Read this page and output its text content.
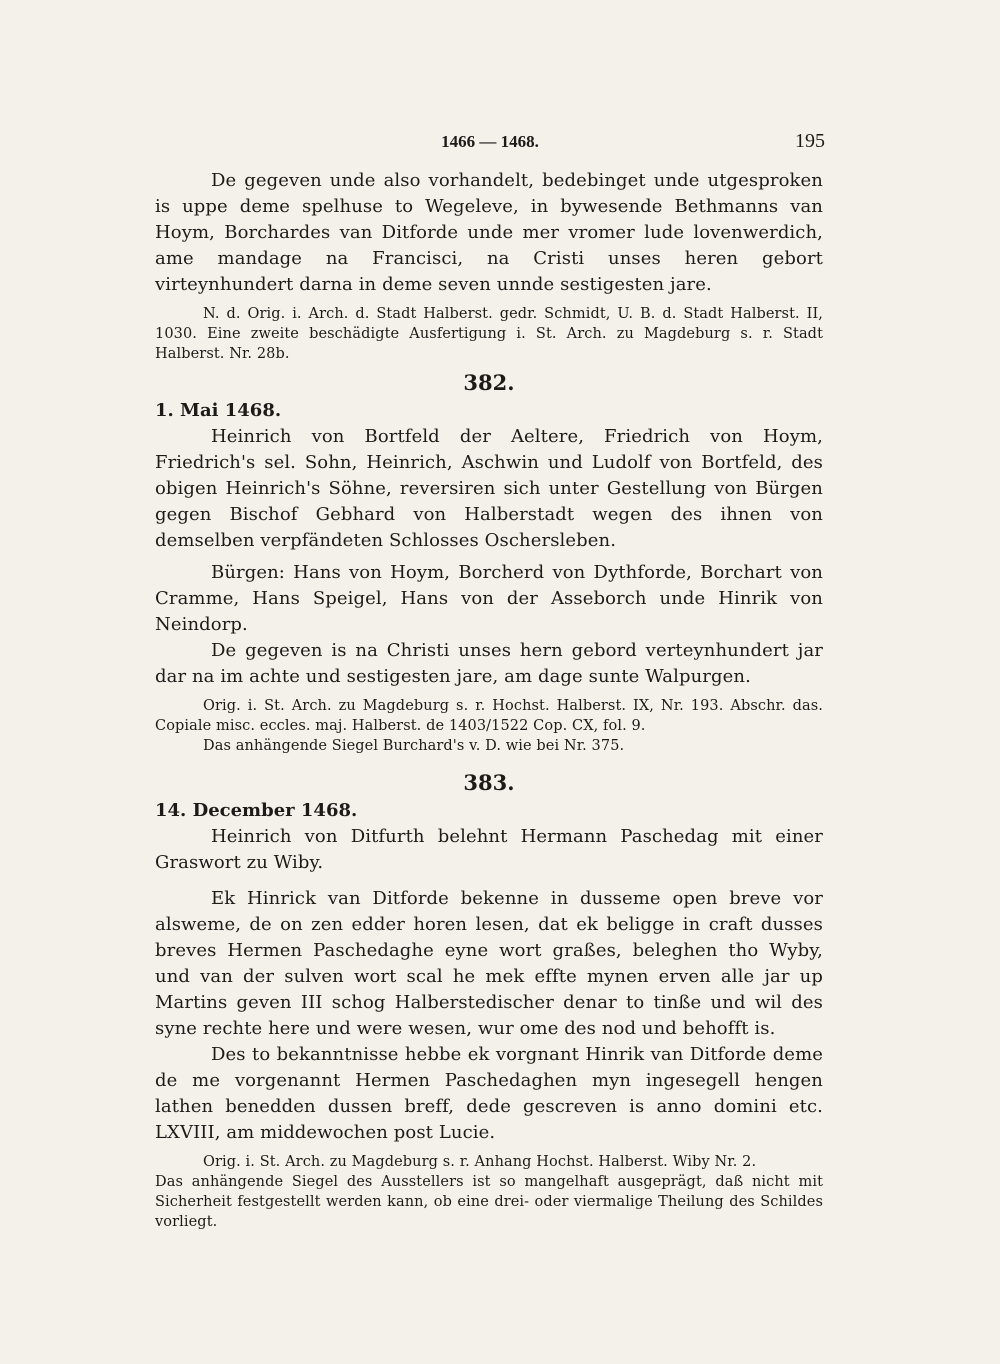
1466 — 1468.	195

De gegeven unde also vorhandelt, bedebinget unde utgesproken is uppe deme spelhuse to Wegeleve, in bywesende Bethmanns van Hoym, Borchardes van Ditforde unde mer vromer lude lovenwerdich, ame mandage na Francisci, na Cristi unses heren gebort virteynhundert darna in deme seven unnde sestigesten jare.

N. d. Orig. i. Arch. d. Stadt Halberst. gedr. Schmidt, U. B. d. Stadt Halberst. II, 1030. Eine zweite beschädigte Ausfertigung i. St. Arch. zu Magdeburg s. r. Stadt Halberst. Nr. 28b.

382.
1. Mai 1468.

Heinrich von Bortfeld der Aeltere, Friedrich von Hoym, Friedrich's sel. Sohn, Heinrich, Aschwin und Ludolf von Bortfeld, des obigen Heinrich's Söhne, reversiren sich unter Gestellung von Bürgen gegen Bischof Gebhard von Halberstadt wegen des ihnen von demselben verpfändeten Schlosses Oschersleben.

Bürgen: Hans von Hoym, Borcherd von Dythforde, Borchart von Cramme, Hans Speigel, Hans von der Asseborch unde Hinrik von Neindorp.

De gegeven is na Christi unses hern gebord verteynhundert jar dar na im achte und sestigesten jare, am dage sunte Walpurgen.

Orig. i. St. Arch. zu Magdeburg s. r. Hochst. Halberst. IX, Nr. 193. Abschr. das. Copiale misc. eccles. maj. Halberst. de 1403/1522 Cop. CX, fol. 9.

Das anhängende Siegel Burchard's v. D. wie bei Nr. 375.

383.
14. December 1468.

Heinrich von Ditfurth belehnt Hermann Paschedag mit einer Graswort zu Wiby.

Ek Hinrick van Ditforde bekenne in dusseme open breve vor alsweme, de on zen edder horen lesen, dat ek beligge in craft dusses breves Hermen Paschedaghe eyne wort graßes, beleghen tho Wyby, und van der sulven wort scal he mek effte mynen erven alle jar up Martins geven III schog Halberstedischer denar to tinßе und wil des syne rechte here und were wesen, wur ome des nod und behofft is.

Des to bekanntnisse hebbe ek vorgnant Hinrik van Ditforde deme de me vorgenannt Hermen Paschedaghen myn ingesegell hengen lathen benedden dussen breff, dede gescreven is anno domini etc. LXVIII, am middewochen post Lucie.

Orig. i. St. Arch. zu Magdeburg s. r. Anhang Hochst. Halberst. Wiby Nr. 2.

Das anhängende Siegel des Ausstellers ist so mangelhaft ausgeprägt, daß nicht mit Sicherheit festgestellt werden kann, ob eine drei- oder viermalige Theilung des Schildes vorliegt.
